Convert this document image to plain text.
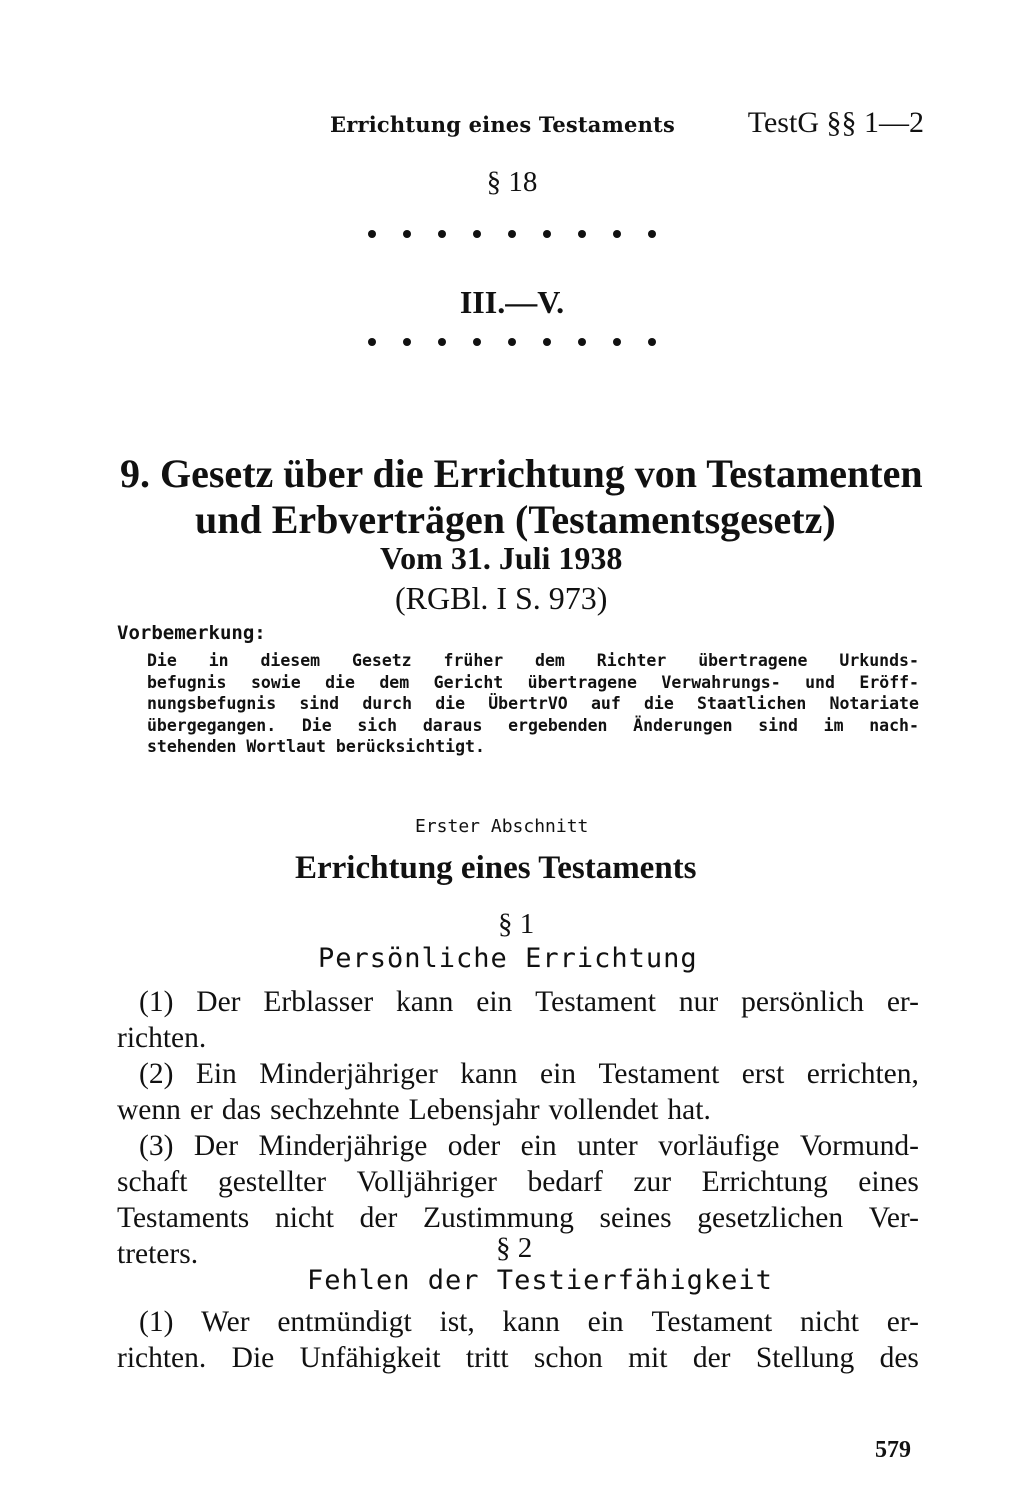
Errichtung eines Testaments TestG §§ 1—2
§ 18
III.—V.
9. Gesetz über die Errichtung von Testamenten
und Erbverträgen (Testamentsgesetz)
Vom 31. Juli 1938
(RGBl. I S. 973)
Vorbemerkung:
Die in diesem Gesetz früher dem Richter übertragene Urkunds-
befugnis sowie die dem Gericht übertragene Verwahrungs- und Eröff-
nungsbefugnis sind durch die ÜbertrVO auf die Staatlichen Notariate
übergegangen. Die sich daraus ergebenden Änderungen sind im nach-
stehenden Wortlaut berücksichtigt.
Erster Abschnitt
Errichtung eines Testaments
§ 1
Persönliche Errichtung
(1) Der Erblasser kann ein Testament nur persönlich er-
richten.
(2) Ein Minderjähriger kann ein Testament erst errichten,
wenn er das sechzehnte Lebensjahr vollendet hat.
(3) Der Minderjährige oder ein unter vorläufige Vormund-
schaft gestellter Volljähriger bedarf zur Errichtung eines
Testaments nicht der Zustimmung seines gesetzlichen Ver-
treters.	§ 2
Fehlen der Testierfähigkeit
(1) Wer entmündigt ist, kann ein Testament nicht er-
richten. Die Unfähigkeit tritt schon mit der Stellung des
579
